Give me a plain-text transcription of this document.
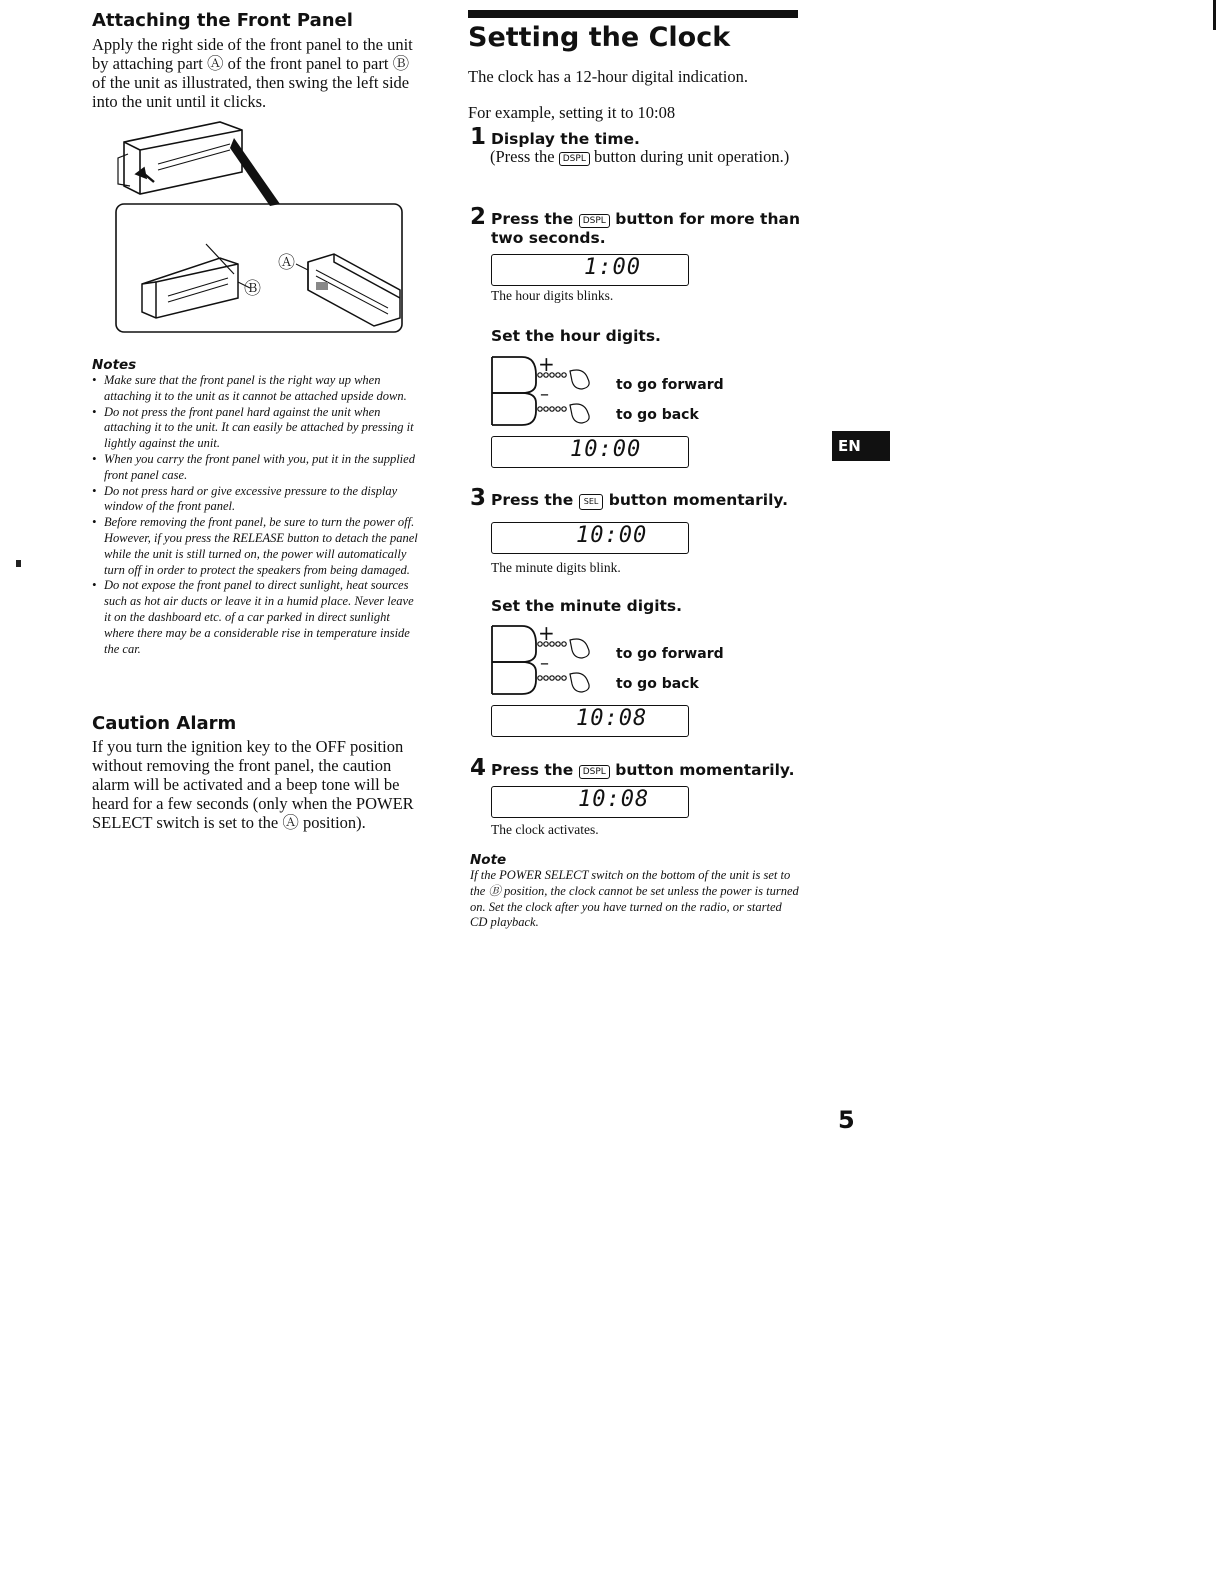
Attaching the Front Panel
Apply the right side of the front panel to the unit by attaching part Ⓐ of the front panel to part Ⓑ of the unit as illustrated, then swing the left side into the unit until it clicks.
Ⓐ
Ⓑ
Notes
• Make sure that the front panel is the right way up when attaching it to the unit as it cannot be attached upside down.
• Do not press the front panel hard against the unit when attaching it to the unit. It can easily be attached by pressing it lightly against the unit.
• When you carry the front panel with you, put it in the supplied front panel case.
• Do not press hard or give excessive pressure to the display window of the front panel.
• Before removing the front panel, be sure to turn the power off. However, if you press the RELEASE button to detach the panel while the unit is still turned on, the power will automatically turn off in order to protect the speakers from being damaged.
• Do not expose the front panel to direct sunlight, heat sources such as hot air ducts or leave it in a humid place. Never leave it on the dashboard etc. of a car parked in direct sunlight where there may be a considerable rise in temperature inside the car.
Caution Alarm
If you turn the ignition key to the OFF position without removing the front panel, the caution alarm will be activated and a beep tone will be heard for a few seconds (only when the POWER SELECT switch is set to the Ⓐ position).
Setting the Clock
The clock has a 12-hour digital indication.
For example, setting it to 10:08
1 Display the time.
(Press the DSPL button during unit operation.)
2 Press the DSPL button for more than two seconds.
1:00
The hour digits blinks.
Set the hour digits.
+
–	to go forward
to go back
10:00
3 Press the SEL button momentarily.
10:00
The minute digits blink.
Set the minute digits.
+
–	to go forward
to go back
10:08
4 Press the DSPL button momentarily.
10:08
The clock activates.
Note
If the POWER SELECT switch on the bottom of the unit is set to the Ⓑ position, the clock cannot be set unless the power is turned on. Set the clock after you have turned on the radio, or started CD playback.
EN
5
